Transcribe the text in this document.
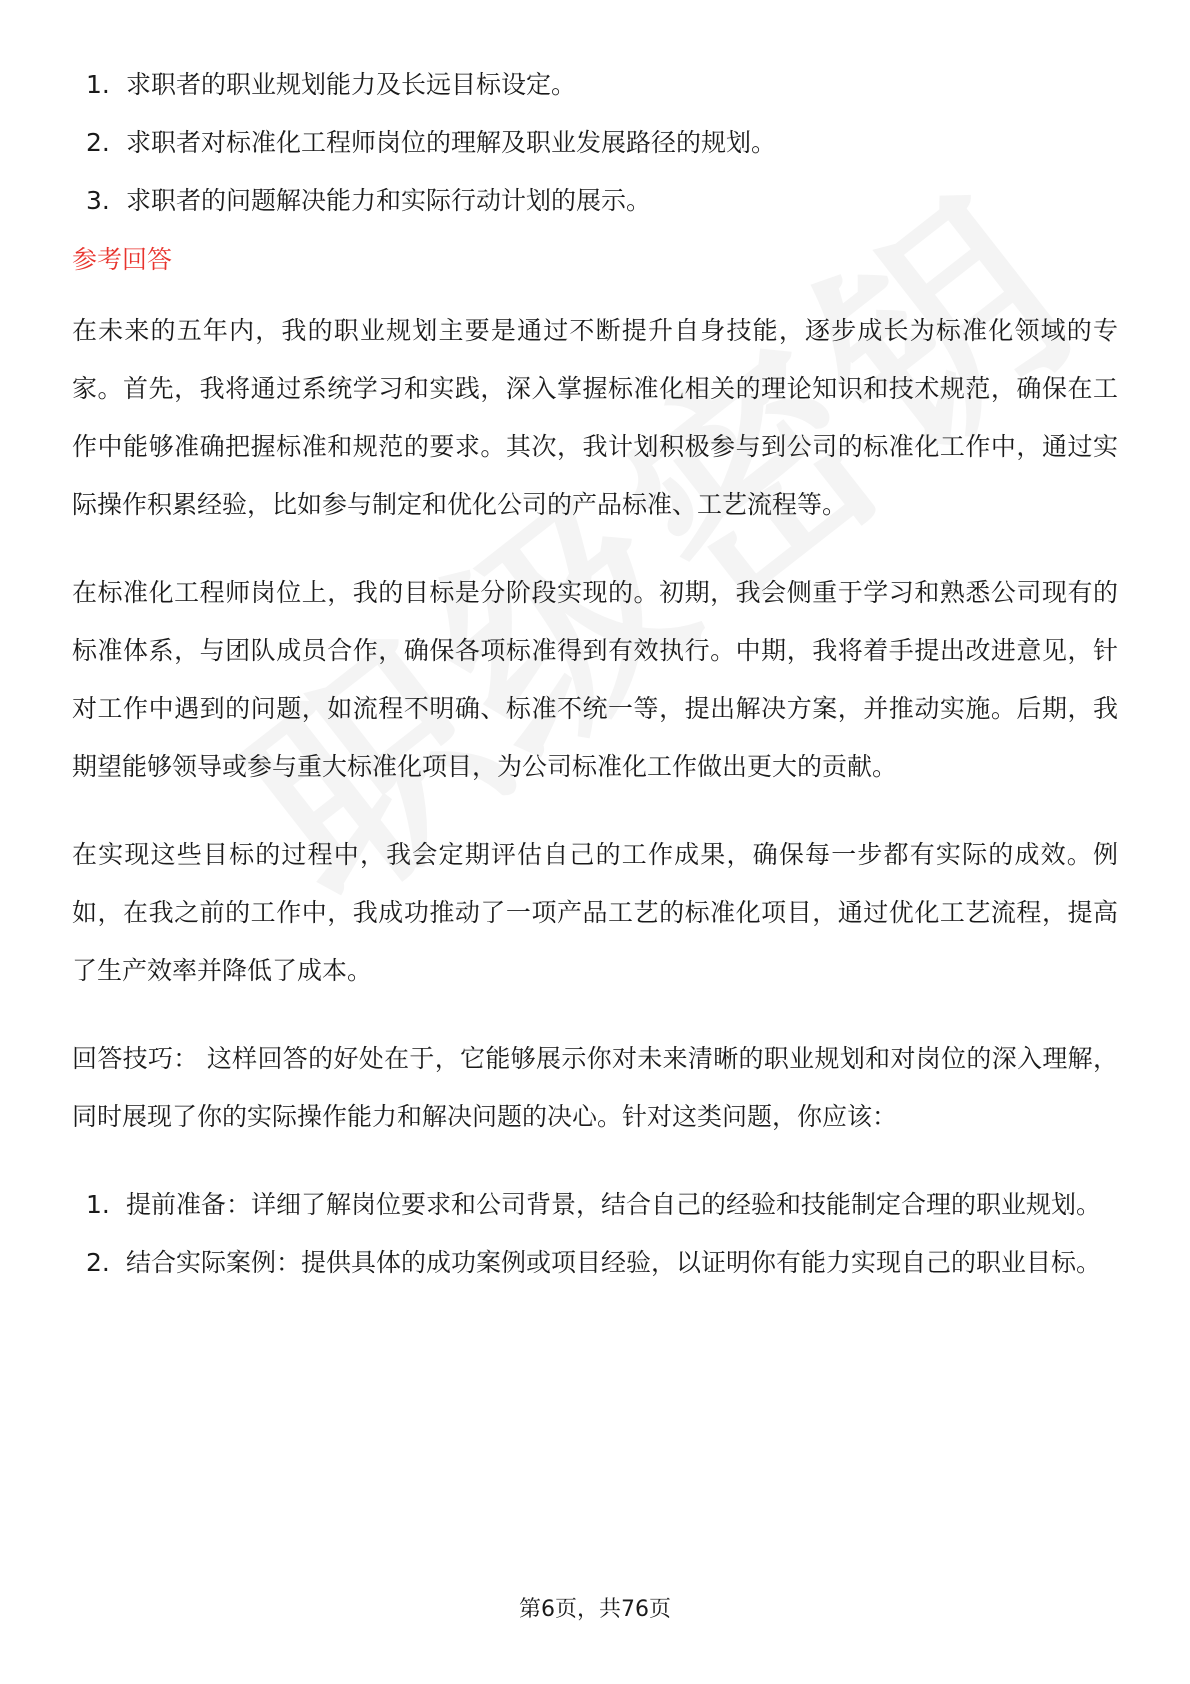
1. 求职者的职业规划能力及长远目标设定。
2. 求职者对标准化工程师岗位的理解及职业发展路径的规划。
3. 求职者的问题解决能力和实际行动计划的展示。
参考回答

在未来的五年内，我的职业规划主要是通过不断提升自身技能，逐步成长为标准化领域的专家。首先，我将通过系统学习和实践，深入掌握标准化相关的理论知识和技术规范，确保在工作中能够准确把握标准和规范的要求。其次，我计划积极参与到公司的标准化工作中，通过实际操作积累经验，比如参与制定和优化公司的产品标准、工艺流程等。

在标准化工程师岗位上，我的目标是分阶段实现的。初期，我会侧重于学习和熟悉公司现有的标准体系，与团队成员合作，确保各项标准得到有效执行。中期，我将着手提出改进意见，针对工作中遇到的问题，如流程不明确、标准不统一等，提出解决方案，并推动实施。后期，我期望能够领导或参与重大标准化项目，为公司标准化工作做出更大的贡献。

在实现这些目标的过程中，我会定期评估自己的工作成果，确保每一步都有实际的成效。例如，在我之前的工作中，我成功推动了一项产品工艺的标准化项目，通过优化工艺流程，提高了生产效率并降低了成本。

回答技巧： 这样回答的好处在于，它能够展示你对未来清晰的职业规划和对岗位的深入理解，同时展现了你的实际操作能力和解决问题的决心。针对这类问题，你应该：

1. 提前准备：详细了解岗位要求和公司背景，结合自己的经验和技能制定合理的职业规划。
2. 结合实际案例：提供具体的成功案例或项目经验，以证明你有能力实现自己的职业目标。
第6页，共76页
